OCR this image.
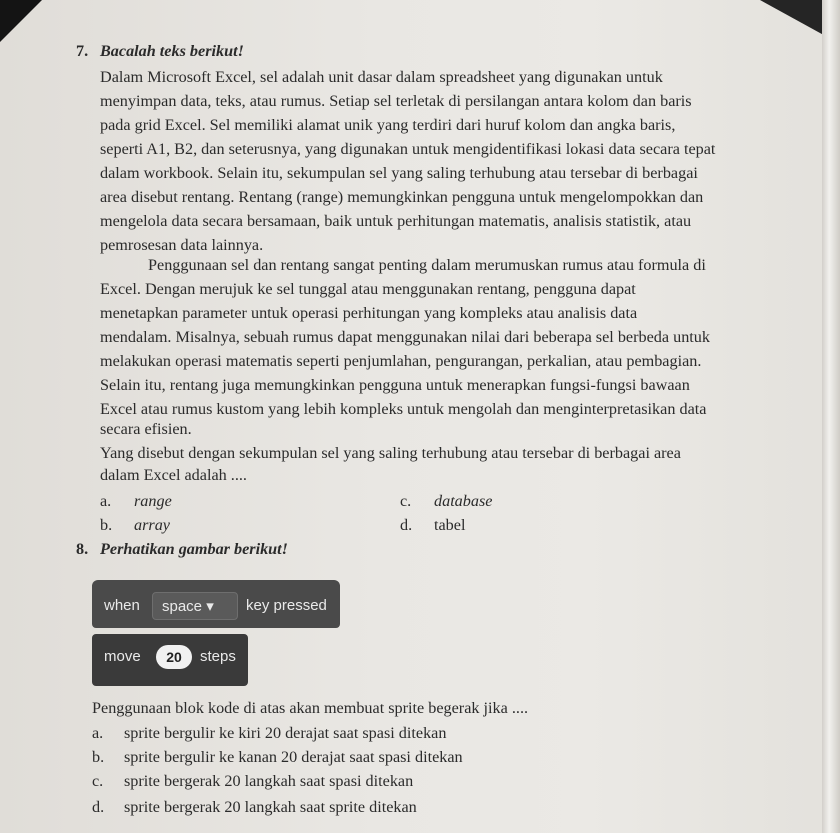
7. Bacalah teks berikut!
Dalam Microsoft Excel, sel adalah unit dasar dalam spreadsheet yang digunakan untuk
menyimpan data, teks, atau rumus. Setiap sel terletak di persilangan antara kolom dan baris
pada grid Excel. Sel memiliki alamat unik yang terdiri dari huruf kolom dan angka baris,
seperti A1, B2, dan seterusnya, yang digunakan untuk mengidentifikasi lokasi data secara tepat
dalam workbook. Selain itu, sekumpulan sel yang saling terhubung atau tersebar di berbagai
area disebut rentang. Rentang (range) memungkinkan pengguna untuk mengelompokkan dan
mengelola data secara bersamaan, baik untuk perhitungan matematis, analisis statistik, atau
pemrosesan data lainnya.
Penggunaan sel dan rentang sangat penting dalam merumuskan rumus atau formula di
Excel. Dengan merujuk ke sel tunggal atau menggunakan rentang, pengguna dapat
menetapkan parameter untuk operasi perhitungan yang kompleks atau analisis data
mendalam. Misalnya, sebuah rumus dapat menggunakan nilai dari beberapa sel berbeda untuk
melakukan operasi matematis seperti penjumlahan, pengurangan, perkalian, atau pembagian.
Selain itu, rentang juga memungkinkan pengguna untuk menerapkan fungsi-fungsi bawaan
Excel atau rumus kustom yang lebih kompleks untuk mengolah dan menginterpretasikan data
secara efisien.
Yang disebut dengan sekumpulan sel yang saling terhubung atau tersebar di berbagai area
dalam Excel adalah ....
a. range	c. database
b. array	d. tabel
8. Perhatikan gambar berikut!
when space ▾ key pressed
move	20	steps
Penggunaan blok kode di atas akan membuat sprite begerak jika ....
a. sprite bergulir ke kiri 20 derajat saat spasi ditekan
b. sprite bergulir ke kanan 20 derajat saat spasi ditekan
c. sprite bergerak 20 langkah saat spasi ditekan
d. sprite bergerak 20 langkah saat sprite ditekan
